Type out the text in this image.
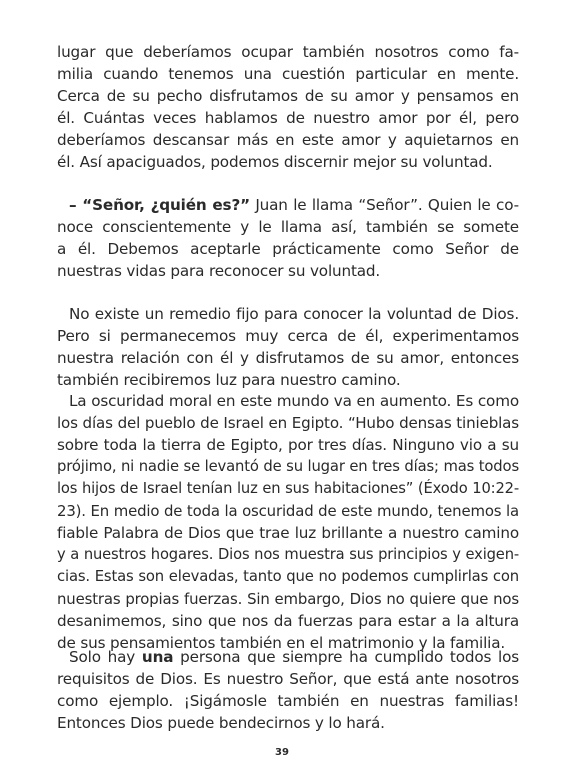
lugar que deberíamos ocupar también nosotros como fa-
milia cuando tenemos una cuestión particular en mente.
Cerca de su pecho disfrutamos de su amor y pensamos en
él. Cuántas veces hablamos de nuestro amor por él, pero
deberíamos descansar más en este amor y aquietarnos en
él. Así apaciguados, podemos discernir mejor su voluntad.
– “Señor, ¿quién es?” Juan le llama “Señor”. Quien le co-
noce conscientemente y le llama así, también se somete
a él. Debemos aceptarle prácticamente como Señor de
nuestras vidas para reconocer su voluntad.
No existe un remedio fijo para conocer la voluntad de Dios.
Pero si permanecemos muy cerca de él, experimentamos
nuestra relación con él y disfrutamos de su amor, entonces
también recibiremos luz para nuestro camino.
La oscuridad moral en este mundo va en aumento. Es como
los días del pueblo de Israel en Egipto. “Hubo densas tinieblas
sobre toda la tierra de Egipto, por tres días. Ninguno vio a su
prójimo, ni nadie se levantó de su lugar en tres días; mas todos
los hijos de Israel tenían luz en sus habitaciones” (Éxodo 10:22-
23). En medio de toda la oscuridad de este mundo, tenemos la
fiable Palabra de Dios que trae luz brillante a nuestro camino
y a nuestros hogares. Dios nos muestra sus principios y exigen-
cias. Estas son elevadas, tanto que no podemos cumplirlas con
nuestras propias fuerzas. Sin embargo, Dios no quiere que nos
desanimemos, sino que nos da fuerzas para estar a la altura
de sus pensamientos también en el matrimonio y la familia.
Solo hay una persona que siempre ha cumplido todos los
requisitos de Dios. Es nuestro Señor, que está ante nosotros
como ejemplo. ¡Sigámosle también en nuestras familias!
Entonces Dios puede bendecirnos y lo hará.
39
